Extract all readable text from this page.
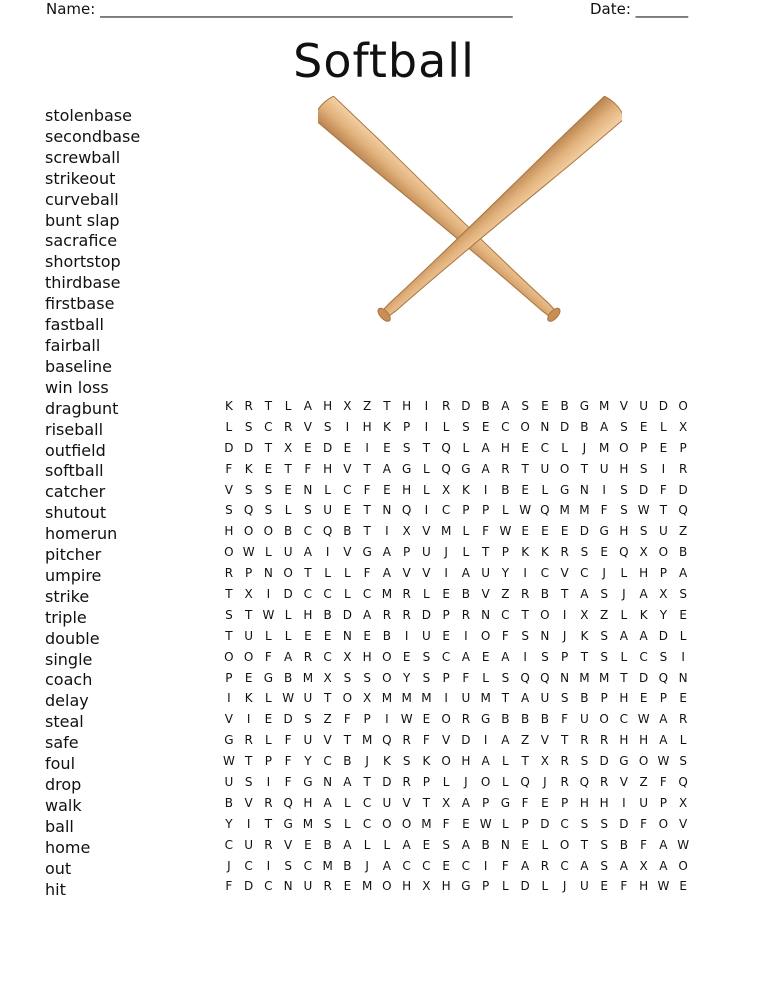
Name: _______________________________________________________	Date: _______
Softball
stolenbase
secondbase
screwball
strikeout
curveball
bunt slap
sacrafice
shortstop
thirdbase
firstbase
fastball
fairball
baseline
win loss
dragbunt
riseball
outfield
softball
catcher
shutout
homerun
pitcher
umpire
strike
triple
double
single
coach
delay
steal
safe
foul
drop
walk
ball
home
out
hit
K R T L A H X Z T H I R D B A S E B G M V U D O
L S C R V S I H K P I L S E C O N D B A S E L X
D D T X E D E I E S T Q L A H E C L J M O P E P
F K E T F H V T A G L Q G A R T U O T U H S I R
V S S E N L C F E H L X K I B E L G N I S D F D
S Q S L S U E T N Q I C P P L W Q M M F S W T Q
H O O B C Q B T I X V M L F W E E E D G H S U Z
O W L U A I V G A P U J L T P K K R S E Q X O B
R P N O T L L F A V V I A U Y I C V C J L H P A
T X I D C C L C M R L E B V Z R B T A S J A X S
S T W L H B D A R R D P R N C T O I X Z L K Y E
T U L L E E N E B I U E I O F S N J K S A A D L
O O F A R C X H O E S C A E A I S P T S L C S I
P E G B M X S S O Y S P F L S Q Q N M M T D Q N
I K L W U T O X M M M I U M T A U S B P H E P E
V I E D S Z F P I W E O R G B B B F U O C W A R
G R L F U V T M Q R F V D I A Z V T R R H H A L
W T P F Y C B J K S K O H A L T X R S D G O W S
U S I F G N A T D R P L J O L Q J R Q R V Z F Q
B V R Q H A L C U V T X A P G F E P H H I U P X
Y I T G M S L C O O M F E W L P D C S S D F O V
C U R V E B A L L A E S A B N E L O T S B F A W
J C I S C M B J A C C E C I F A R C A S A X A O
F D C N U R E M O H X H G P L D L J U E F H W E
